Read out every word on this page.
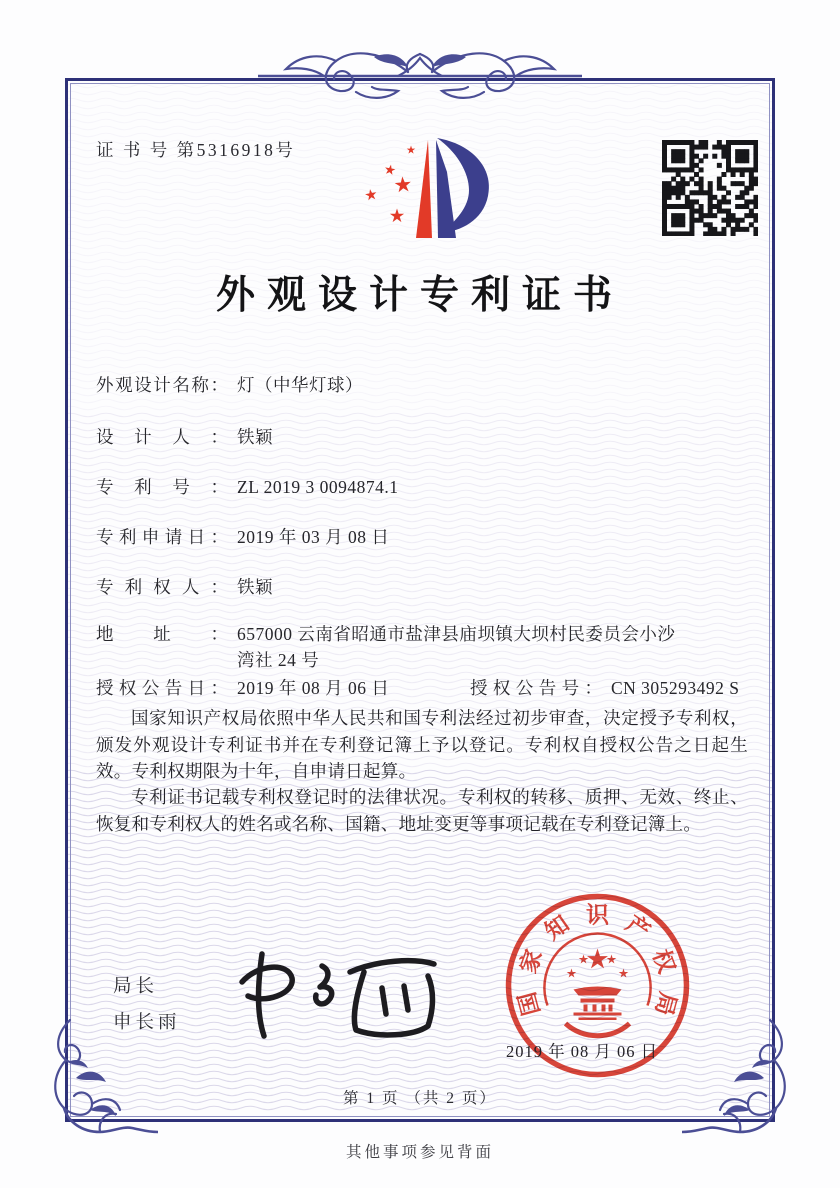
证 书 号 第5316918号
外观设计专利证书
外观设计名称： 灯（中华灯球）
设计人： 铁颖
专利号： ZL 2019 3 0094874.1
专利申请日： 2019 年 03 月 08 日
专利权人： 铁颖
地址： 657000 云南省昭通市盐津县庙坝镇大坝村民委员会小沙湾社 24 号
授权公告日： 2019 年 08 月 06 日	授权公告号： CN 305293492 S
国家知识产权局依照中华人民共和国专利法经过初步审查，决定授予专利权，颁发外观设计专利证书并在专利登记簿上予以登记。专利权自授权公告之日起生效。专利权期限为十年，自申请日起算。
专利证书记载专利权登记时的法律状况。专利权的转移、质押、无效、终止、恢复和专利权人的姓名或名称、国籍、地址变更等事项记载在专利登记簿上。
局长
申长雨
国
家
知 识 产
权
局
2019 年 08 月 06 日
第 1 页 （共 2 页）
其他事项参见背面
